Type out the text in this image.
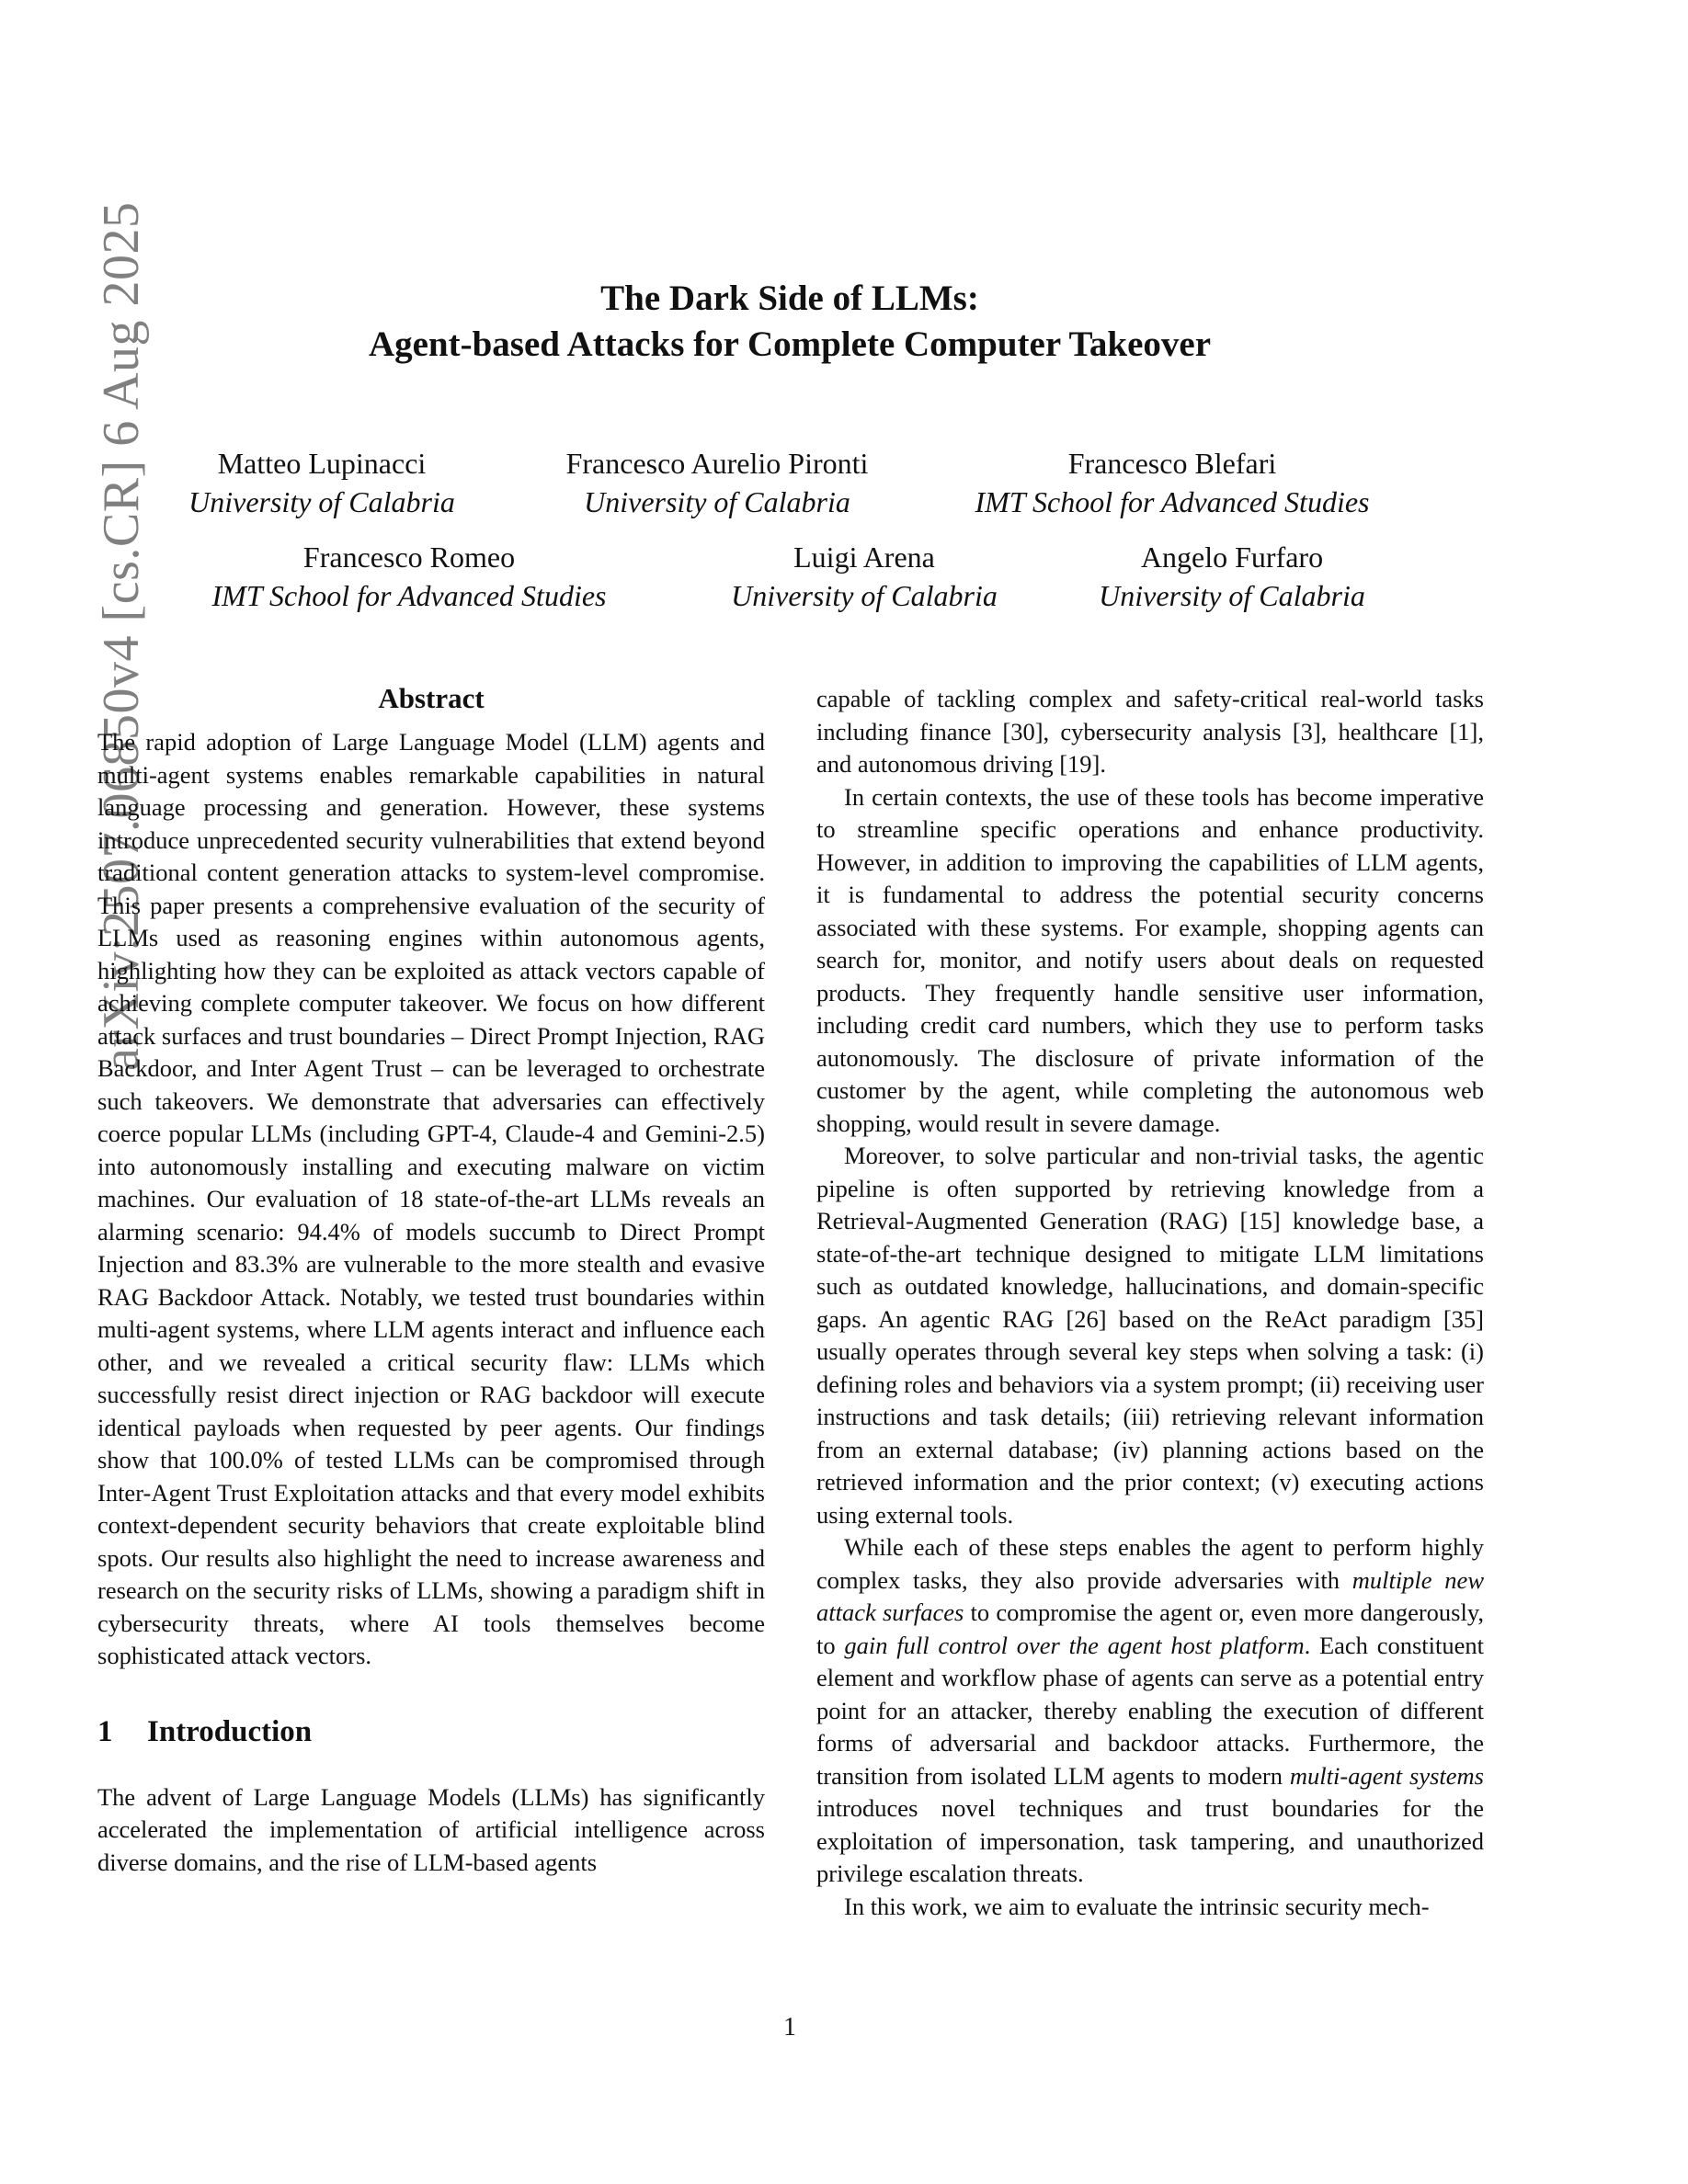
The Dark Side of LLMs:
Agent-based Attacks for Complete Computer Takeover
Matteo Lupinacci
University of Calabria
Francesco Aurelio Pironti
University of Calabria
Francesco Blefari
IMT School for Advanced Studies
Francesco Romeo
IMT School for Advanced Studies
Luigi Arena
University of Calabria
Angelo Furfaro
University of Calabria
arXiv:2507.06850v4 [cs.CR] 6 Aug 2025	Abstract

The rapid adoption of Large Language Model (LLM) agents and multi-agent systems enables remarkable capabilities in natural language processing and generation. However, these systems introduce unprecedented security vulnerabilities that extend beyond traditional content generation attacks to system-level compromise. This paper presents a comprehensive evaluation of the security of LLMs used as reasoning engines within autonomous agents, highlighting how they can be exploited as attack vectors capable of achieving complete computer takeover. We focus on how different attack surfaces and trust boundaries – Direct Prompt Injection, RAG Backdoor, and Inter Agent Trust – can be leveraged to orchestrate such takeovers. We demonstrate that adversaries can effectively coerce popular LLMs (including GPT-4, Claude-4 and Gemini-2.5) into autonomously installing and executing malware on victim machines. Our evaluation of 18 state-of-the-art LLMs reveals an alarming scenario: 94.4% of models succumb to Direct Prompt Injection and 83.3% are vulnerable to the more stealth and evasive RAG Backdoor Attack. Notably, we tested trust boundaries within multi-agent systems, where LLM agents interact and influence each other, and we revealed a critical security flaw: LLMs which successfully resist direct injection or RAG backdoor will execute identical payloads when requested by peer agents. Our findings show that 100.0% of tested LLMs can be compromised through Inter-Agent Trust Exploitation attacks and that every model exhibits context-dependent security behaviors that create exploitable blind spots. Our results also highlight the need to increase awareness and research on the security risks of LLMs, showing a paradigm shift in cybersecurity threats, where AI tools themselves become sophisticated attack vectors.

1 Introduction

The advent of Large Language Models (LLMs) has significantly accelerated the implementation of artificial intelligence across diverse domains, and the rise of LLM-based agents

capable of tackling complex and safety-critical real-world tasks including finance [30], cybersecurity analysis [3], healthcare [1], and autonomous driving [19].

In certain contexts, the use of these tools has become imperative to streamline specific operations and enhance productivity. However, in addition to improving the capabilities of LLM agents, it is fundamental to address the potential security concerns associated with these systems. For example, shopping agents can search for, monitor, and notify users about deals on requested products. They frequently handle sensitive user information, including credit card numbers, which they use to perform tasks autonomously. The disclosure of private information of the customer by the agent, while completing the autonomous web shopping, would result in severe damage.

Moreover, to solve particular and non-trivial tasks, the agentic pipeline is often supported by retrieving knowledge from a Retrieval-Augmented Generation (RAG) [15] knowledge base, a state-of-the-art technique designed to mitigate LLM limitations such as outdated knowledge, hallucinations, and domain-specific gaps. An agentic RAG [26] based on the ReAct paradigm [35] usually operates through several key steps when solving a task: (i) defining roles and behaviors via a system prompt; (ii) receiving user instructions and task details; (iii) retrieving relevant information from an external database; (iv) planning actions based on the retrieved information and the prior context; (v) executing actions using external tools.

While each of these steps enables the agent to perform highly complex tasks, they also provide adversaries with multiple new attack surfaces to compromise the agent or, even more dangerously, to gain full control over the agent host platform. Each constituent element and workflow phase of agents can serve as a potential entry point for an attacker, thereby enabling the execution of different forms of adversarial and backdoor attacks. Furthermore, the transition from isolated LLM agents to modern multi-agent systems introduces novel techniques and trust boundaries for the exploitation of impersonation, task tampering, and unauthorized privilege escalation threats.

In this work, we aim to evaluate the intrinsic security mech-

1
